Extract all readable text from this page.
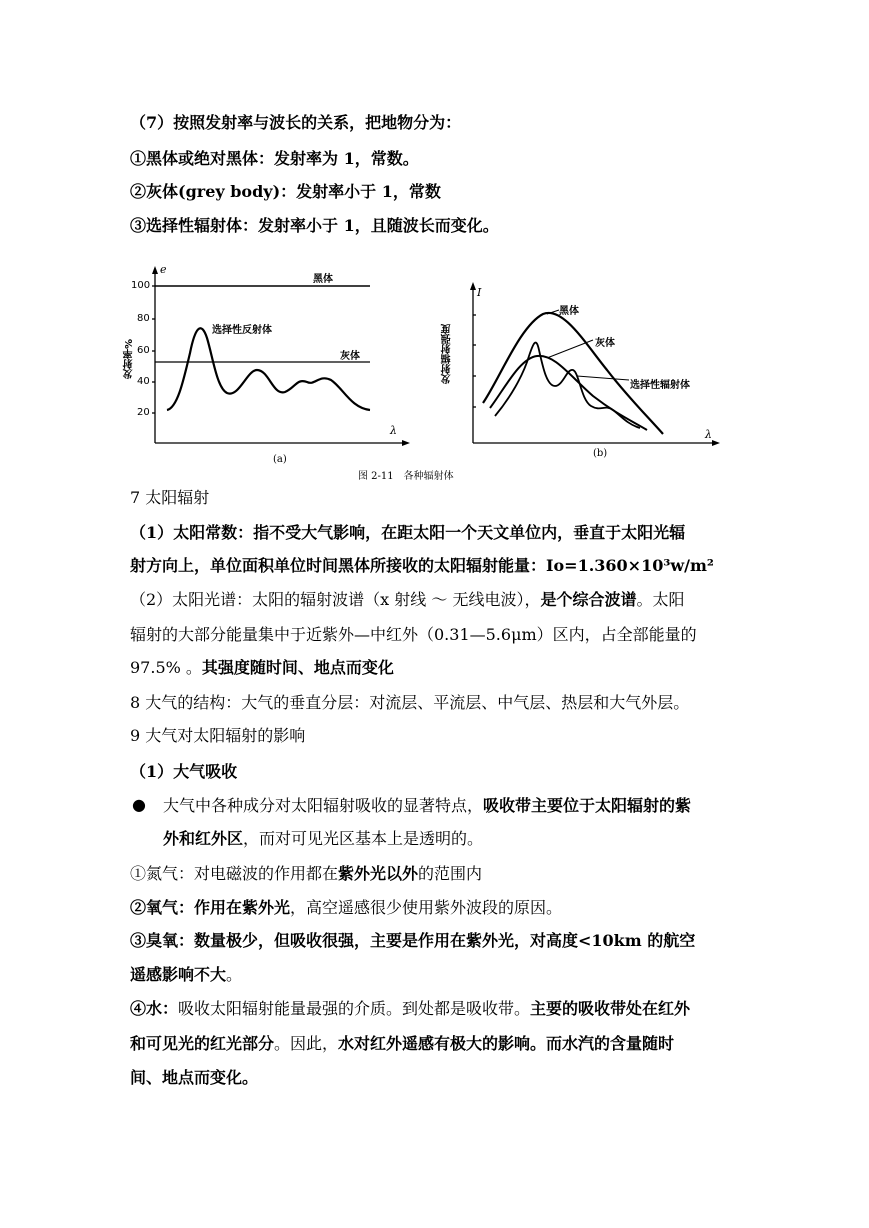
（7）按照发射率与波长的关系，把地物分为：
①黑体或绝对黑体：发射率为 1，常数。
②灰体(grey body)：发射率小于 1，常数
③选择性辐射体：发射率小于 1，且随波长而变化。
e
发射率%
100
80
60
40
20
黑体
选择性反射体
灰体
λ
(a)
I
发射辐射强度
黑体
灰体
选择性辐射体
λ
(b)
图 2-11　各种辐射体
7 太阳辐射
（1）太阳常数：指不受大气影响，在距太阳一个天文单位内，垂直于太阳光辐
射方向上，单位面积单位时间黑体所接收的太阳辐射能量：Io=1.360×10³w/m²
（2）太阳光谱：太阳的辐射波谱（x 射线 ～ 无线电波），是个综合波谱。太阳
辐射的大部分能量集中于近紫外—中红外（0.31—5.6μm）区内，占全部能量的
97.5% 。其强度随时间、地点而变化
8 大气的结构：大气的垂直分层：对流层、平流层、中气层、热层和大气外层。
9 大气对太阳辐射的影响
（1）大气吸收
● 大气中各种成分对太阳辐射吸收的显著特点，吸收带主要位于太阳辐射的紫
外和红外区，而对可见光区基本上是透明的。
①氮气：对电磁波的作用都在紫外光以外的范围内
②氧气：作用在紫外光，高空遥感很少使用紫外波段的原因。
③臭氧：数量极少，但吸收很强，主要是作用在紫外光，对高度<10km 的航空
遥感影响不大。
④水：吸收太阳辐射能量最强的介质。到处都是吸收带。主要的吸收带处在红外
和可见光的红光部分。因此，水对红外遥感有极大的影响。而水汽的含量随时
间、地点而变化。
